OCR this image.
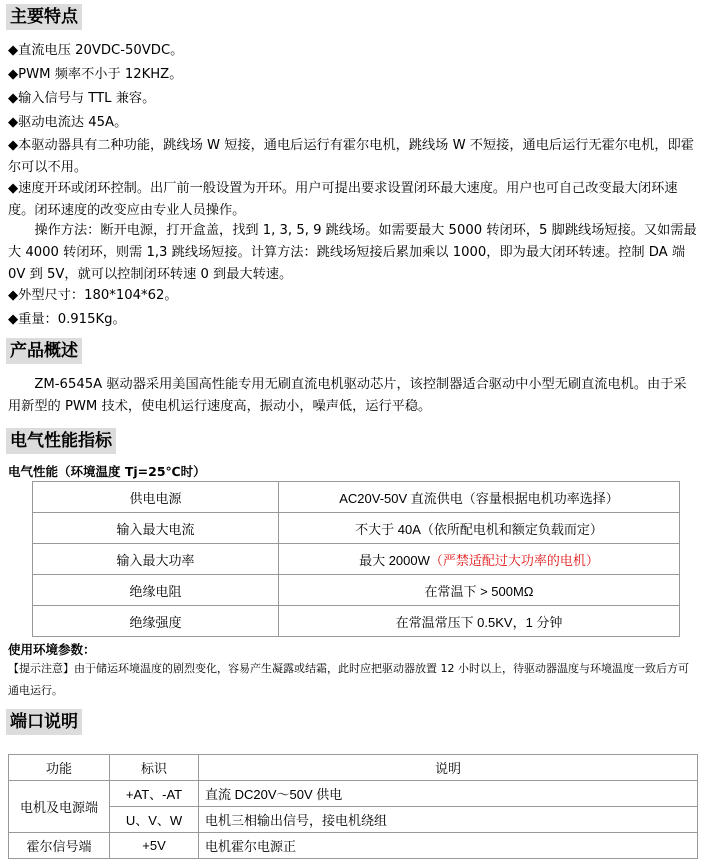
主要特点
◆直流电压 20VDC-50VDC。
◆PWM 频率不小于 12KHZ。
◆输入信号与 TTL 兼容。
◆驱动电流达 45A。
◆本驱动器具有二种功能，跳线场 W 短接，通电后运行有霍尔电机，跳线场 W 不短接，通电后运行无霍尔电机，即霍尔可以不用。
◆速度开环或闭环控制。出厂前一般设置为开环。用户可提出要求设置闭环最大速度。用户也可自己改变最大闭环速度。闭环速度的改变应由专业人员操作。
操作方法：断开电源，打开盒盖，找到 1, 3, 5, 9 跳线场。如需要最大 5000 转闭环，5 脚跳线场短接。又如需最大 4000 转闭环，则需 1,3 跳线场短接。计算方法：跳线场短接后累加乘以 1000，即为最大闭环转速。控制 DA 端 0V 到 5V，就可以控制闭环转速 0 到最大转速。
◆外型尺寸：180*104*62。
◆重量：0.915Kg。
产品概述
ZM-6545A 驱动器采用美国高性能专用无刷直流电机驱动芯片，该控制器适合驱动中小型无刷直流电机。由于采用新型的 PWM 技术，使电机运行速度高，振动小，噪声低，运行平稳。
电气性能指标
电气性能（环境温度 Tj=25℃时）
供电电源	AC20V-50V 直流供电（容量根据电机功率选择）
输入最大电流	不大于 40A（依所配电机和额定负载而定）
输入最大功率	最大 2000W（严禁适配过大功率的电机）
绝缘电阻	在常温下 > 500MΩ
绝缘强度	在常温常压下 0.5KV，1 分钟
使用环境参数：
【提示注意】由于储运环境温度的剧烈变化，容易产生凝露或结霜，此时应把驱动器放置 12 小时以上，待驱动器温度与环境温度一致后方可通电运行。
端口说明
功能	标识	说明
电机及电源端	+AT、-AT	直流 DC20V～50V 供电
	U、V、W	电机三相输出信号，接电机绕组
霍尔信号端	+5V	电机霍尔电源正
